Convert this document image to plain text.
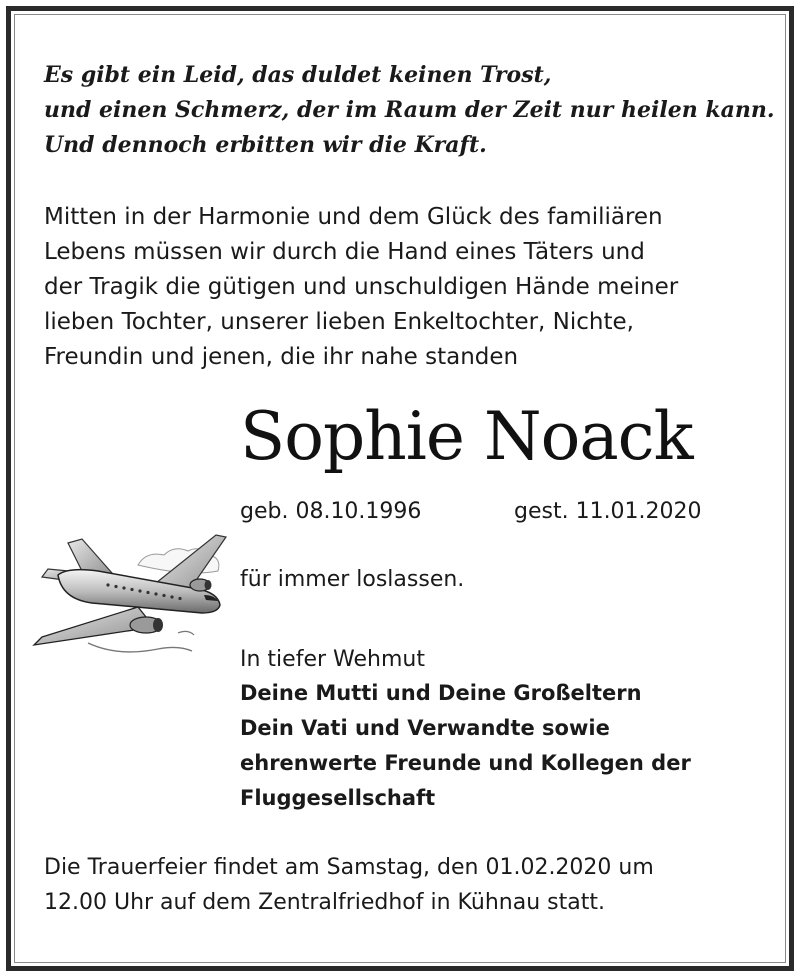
Es gibt ein Leid, das duldet keinen Trost,
und einen Schmerz, der im Raum der Zeit nur heilen kann.
Und dennoch erbitten wir die Kraft.
Mitten in der Harmonie und dem Glück des familiären
Lebens müssen wir durch die Hand eines Täters und
der Tragik die gütigen und unschuldigen Hände meiner
lieben Tochter, unserer lieben Enkeltochter, Nichte,
Freundin und jenen, die ihr nahe standen
Sophie Noack
geb. 08.10.1996	gest. 11.01.2020
für immer loslassen.
In tiefer Wehmut
Deine Mutti und Deine Großeltern
Dein Vati und Verwandte sowie
ehrenwerte Freunde und Kollegen der
Fluggesellschaft
Die Trauerfeier findet am Samstag, den 01.02.2020 um
12.00 Uhr auf dem Zentralfriedhof in Kühnau statt.
